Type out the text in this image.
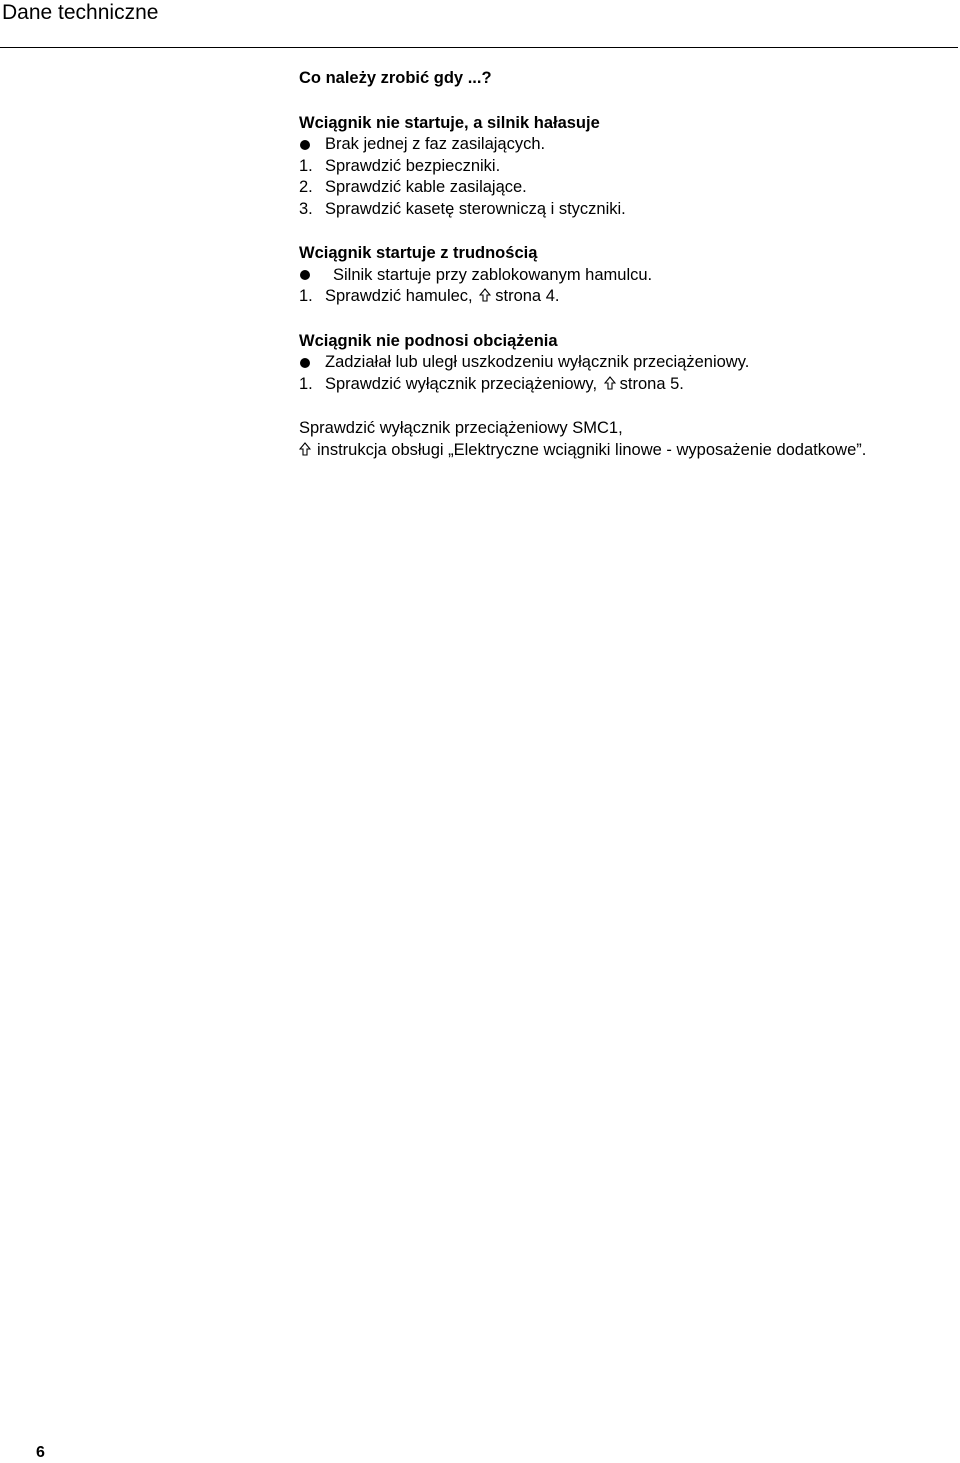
Dane techniczne
Co należy zrobić gdy ...?
Wciągnik nie startuje, a silnik hałasuje
Brak jednej z faz zasilających.
1. Sprawdzić bezpieczniki.
2. Sprawdzić kable zasilające.
3. Sprawdzić kasetę sterowniczą i styczniki.
Wciągnik startuje z trudnością
Silnik startuje przy zablokowanym hamulcu.
1. Sprawdzić hamulec, strona 4.
Wciągnik nie podnosi obciążenia
Zadziałał lub uległ uszkodzeniu wyłącznik przeciążeniowy.
1. Sprawdzić wyłącznik przeciążeniowy, strona 5.
Sprawdzić wyłącznik przeciążeniowy SMC1,
instrukcja obsługi „Elektryczne wciągniki linowe - wyposażenie dodatkowe”.
6
